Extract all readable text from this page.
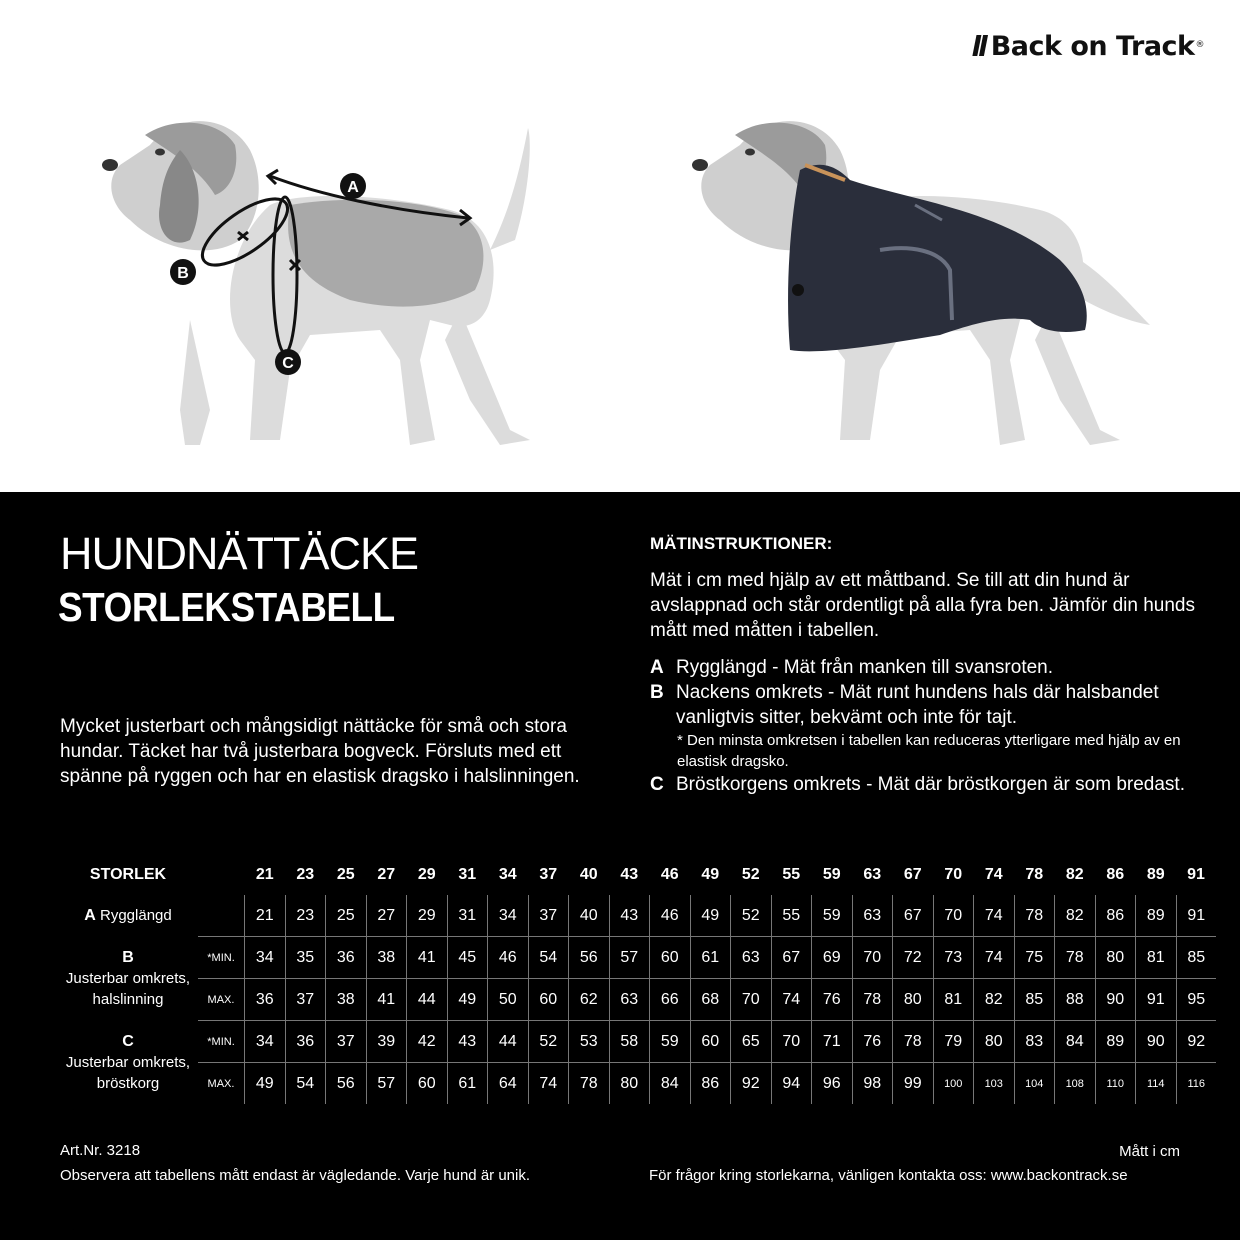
ll Back on Track®
A
B
C
HUNDNÄTTÄCKE
STORLEKSTABELL
Mycket justerbart och mångsidigt nättäcke för små och stora hundar. Täcket har två justerbara bogveck. Försluts med ett spänne på ryggen och har en elastisk dragsko i halslinningen.
MÄTINSTRUKTIONER:
Mät i cm med hjälp av ett måttband. Se till att din hund är avslappnad och står ordentligt på alla fyra ben. Jämför din hunds mått med måtten i tabellen.
A Rygglängd - Mät från manken till svansroten.
B Nackens omkrets - Mät runt hundens hals där halsbandet vanligtvis sitter, bekvämt och inte för tajt.
* Den minsta omkretsen i tabellen kan reduceras ytterligare med hjälp av en elastisk dragsko.
C Bröstkorgens omkrets - Mät där bröstkorgen är som bredast.
STORLEK		21	23	25	27	29	31	34	37	40	43	46	49	52	55	59	63	67	70	74	78	82	86	89	91
A Rygglängd		21	23	25	27	29	31	34	37	40	43	46	49	52	55	59	63	67	70	74	78	82	86	89	91
B
Justerbar omkrets, halslinning	*MIN.	34	35	36	38	41	45	46	54	56	57	60	61	63	67	69	70	72	73	74	75	78	80	81	85
	MAX.	36	37	38	41	44	49	50	60	62	63	66	68	70	74	76	78	80	81	82	85	88	90	91	95
C
Justerbar omkrets, bröstkorg	*MIN.	34	36	37	39	42	43	44	52	53	58	59	60	65	70	71	76	78	79	80	83	84	89	90	92
	MAX.	49	54	56	57	60	61	64	74	78	80	84	86	92	94	96	98	99	100	103	104	108	110	114	116
Art.Nr. 3218
Observera att tabellens mått endast är vägledande. Varje hund är unik.
Mått i cm
För frågor kring storlekarna, vänligen kontakta oss: www.backontrack.se
